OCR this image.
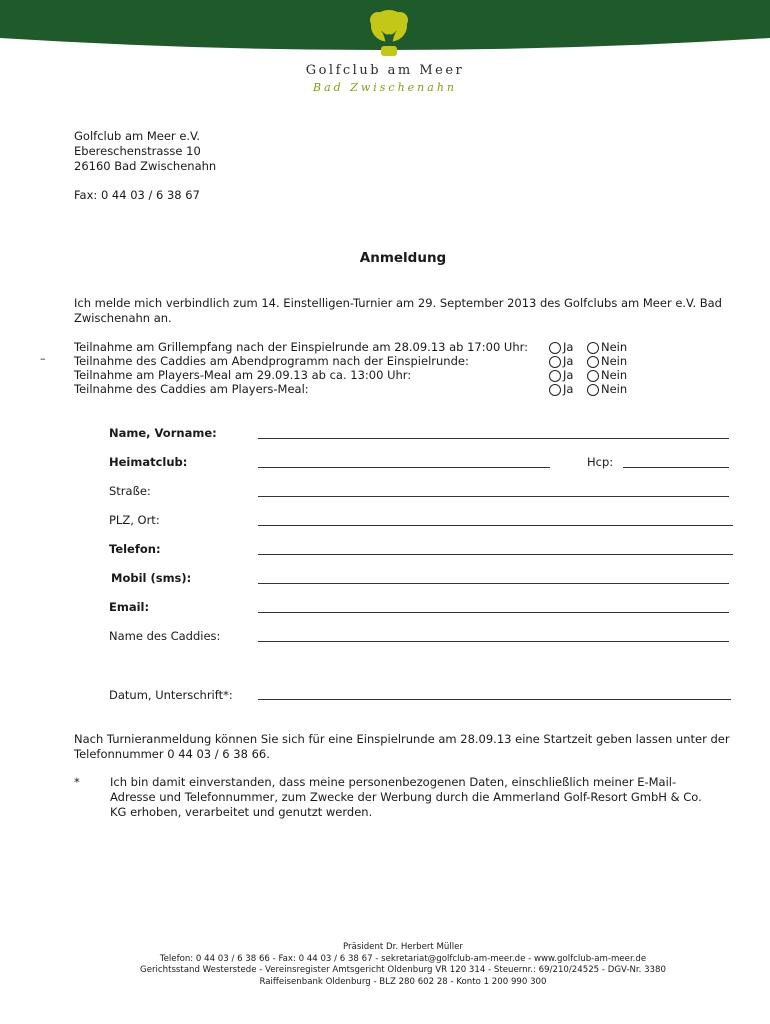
Golfclub am Meer
Bad Zwischenahn
Golfclub am Meer e.V.
Ebereschenstrasse 10
26160 Bad Zwischenahn
Fax: 0 44 03 / 6 38 67
Anmeldung
Ich melde mich verbindlich zum 14. Einstelligen-Turnier am 29. September 2013 des Golfclubs am Meer e.V. Bad Zwischenahn an.
–
Teilnahme am Grillempfang nach der Einspielrunde am 28.09.13 ab 17:00 Uhr:
Teilnahme des Caddies am Abendprogramm nach der Einspielrunde:
Teilnahme am Players-Meal am 29.09.13 ab ca. 13:00 Uhr:
Teilnahme des Caddies am Players-Meal:
Ja Nein
Ja Nein
Ja Nein
Ja Nein
Name, Vorname:
Heimatclub:	Hcp:
Straße:
PLZ, Ort:
Telefon:
Mobil (sms):
Email:
Name des Caddies:
Datum, Unterschrift*:
Nach Turnieranmeldung können Sie sich für eine Einspielrunde am 28.09.13 eine Startzeit geben lassen unter der Telefonnummer 0 44 03 / 6 38 66.
*	Ich bin damit einverstanden, dass meine personenbezogenen Daten, einschließlich meiner E-Mail-Adresse und Telefonnummer, zum Zwecke der Werbung durch die Ammerland Golf-Resort GmbH & Co. KG erhoben, verarbeitet und genutzt werden.
Präsident Dr. Herbert Müller
Telefon: 0 44 03 / 6 38 66 - Fax: 0 44 03 / 6 38 67 - sekretariat@golfclub-am-meer.de - www.golfclub-am-meer.de
Gerichtsstand Westerstede - Vereinsregister Amtsgericht Oldenburg VR 120 314 - Steuernr.: 69/210/24525 - DGV-Nr. 3380
Raiffeisenbank Oldenburg - BLZ 280 602 28 - Konto 1 200 990 300
